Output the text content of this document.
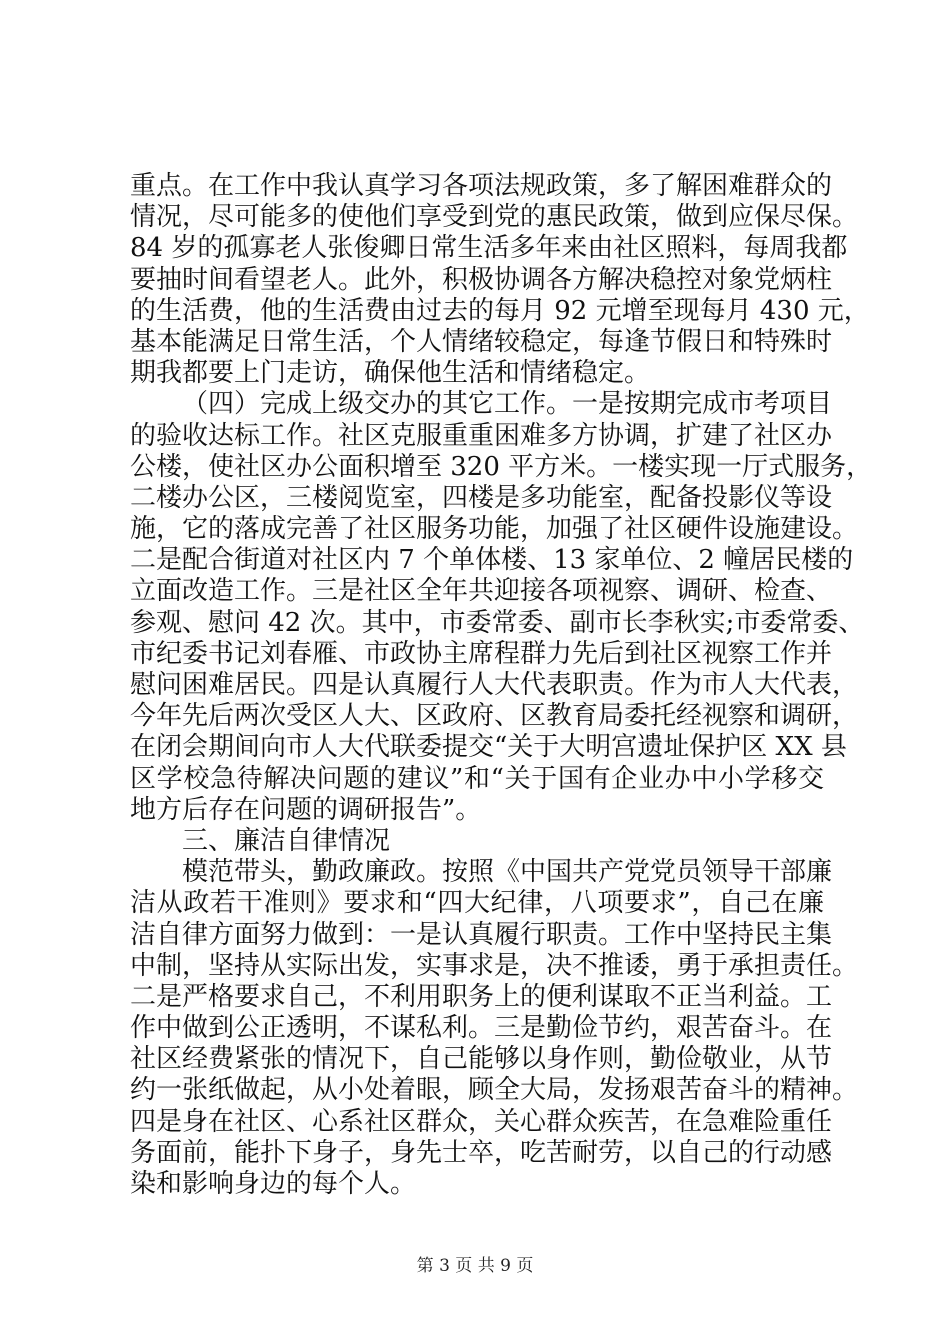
重点。在工作中我认真学习各项法规政策，多了解困难群众的
情况，尽可能多的使他们享受到党的惠民政策，做到应保尽保。
84 岁的孤寡老人张俊卿日常生活多年来由社区照料，每周我都
要抽时间看望老人。此外，积极协调各方解决稳控对象党炳柱
的生活费，他的生活费由过去的每月 92 元增至现每月 430 元，
基本能满足日常生活，个人情绪较稳定，每逢节假日和特殊时
期我都要上门走访，确保他生活和情绪稳定。
（四）完成上级交办的其它工作。一是按期完成市考项目
的验收达标工作。社区克服重重困难多方协调，扩建了社区办
公楼，使社区办公面积增至 320 平方米。一楼实现一厅式服务，
二楼办公区，三楼阅览室，四楼是多功能室，配备投影仪等设
施，它的落成完善了社区服务功能，加强了社区硬件设施建设。
二是配合街道对社区内 7 个单体楼、13 家单位、2 幢居民楼的
立面改造工作。三是社区全年共迎接各项视察、调研、检查、
参观、慰问 42 次。其中，市委常委、副市长李秋实;市委常委、
市纪委书记刘春雁、市政协主席程群力先后到社区视察工作并
慰问困难居民。四是认真履行人大代表职责。作为市人大代表，
今年先后两次受区人大、区政府、区教育局委托经视察和调研，
在闭会期间向市人大代联委提交“关于大明宫遗址保护区 XX 县
区学校急待解决问题的建议”和“关于国有企业办中小学移交
地方后存在问题的调研报告”。
三、廉洁自律情况
模范带头，勤政廉政。按照《中国共产党党员领导干部廉
洁从政若干准则》要求和“四大纪律，八项要求”，自己在廉
洁自律方面努力做到：一是认真履行职责。工作中坚持民主集
中制，坚持从实际出发，实事求是，决不推诿，勇于承担责任。
二是严格要求自己，不利用职务上的便利谋取不正当利益。工
作中做到公正透明，不谋私利。三是勤俭节约，艰苦奋斗。在
社区经费紧张的情况下，自己能够以身作则，勤俭敬业，从节
约一张纸做起，从小处着眼，顾全大局，发扬艰苦奋斗的精神。
四是身在社区、心系社区群众，关心群众疾苦，在急难险重任
务面前，能扑下身子，身先士卒，吃苦耐劳，以自己的行动感
染和影响身边的每个人。
第 3 页 共 9 页
